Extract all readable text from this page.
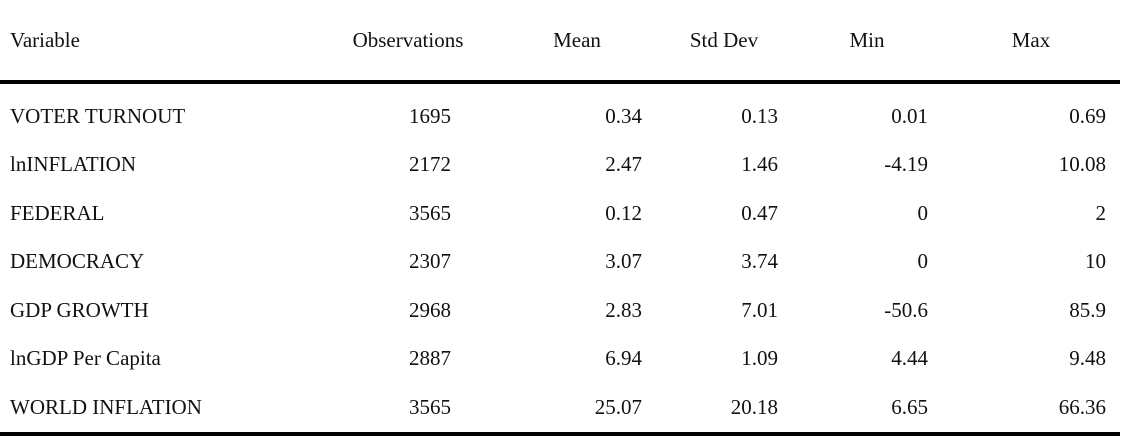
Variable	Observations	Mean	Std Dev	Min	Max
VOTER TURNOUT	1695	0.34	0.13	0.01	0.69
lnINFLATION	2172	2.47	1.46	-4.19	10.08
FEDERAL	3565	0.12	0.47	0	2
DEMOCRACY	2307	3.07	3.74	0	10
GDP GROWTH	2968	2.83	7.01	-50.6	85.9
lnGDP Per Capita	2887	6.94	1.09	4.44	9.48
WORLD INFLATION	3565	25.07	20.18	6.65	66.36
